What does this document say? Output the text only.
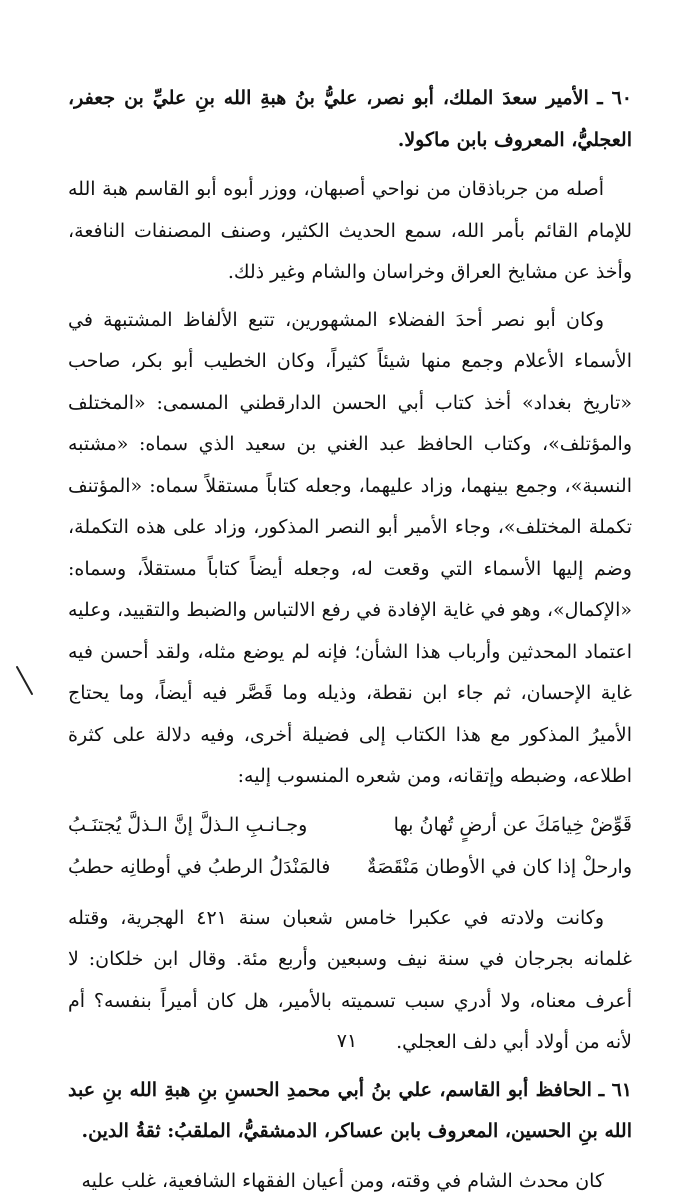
٦٠ ـ الأمير سعدَ الملك، أبو نصر، عليُّ بنُ هبةِ الله بنِ عليِّ بن جعفر، العجليُّ، المعروف بابن ماكولا.

أصله من جرباذقان من نواحي أصبهان، ووزر أبوه أبو القاسم هبة الله للإمام القائم بأمر الله، سمع الحديث الكثير، وصنف المصنفات النافعة، وأخذ عن مشايخ العراق وخراسان والشام وغير ذلك.

وكان أبو نصر أحدَ الفضلاء المشهورين، تتبع الألفاظ المشتبهة في الأسماء الأعلام وجمع منها شيئاً كثيراً، وكان الخطيب أبو بكر، صاحب «تاريخ بغداد» أخذ كتاب أبي الحسن الدارقطني المسمى: «المختلف والمؤتلف»، وكتاب الحافظ عبد الغني بن سعيد الذي سماه: «مشتبه النسبة»، وجمع بينهما، وزاد عليهما، وجعله كتاباً مستقلاً سماه: «المؤتنف تكملة المختلف»، وجاء الأمير أبو النصر المذكور، وزاد على هذه التكملة، وضم إليها الأسماء التي وقعت له، وجعله أيضاً كتاباً مستقلاً، وسماه: «الإكمال»، وهو في غاية الإفادة في رفع الالتباس والضبط والتقييد، وعليه اعتماد المحدثين وأرباب هذا الشأن؛ فإنه لم يوضع مثله، ولقد أحسن فيه غاية الإحسان، ثم جاء ابن نقطة، وذيله وما قَصَّر فيه أيضاً، وما يحتاج الأميرُ المذكور مع هذا الكتاب إلى فضيلة أخرى، وفيه دلالة على كثرة اطلاعه، وضبطه وإتقانه، ومن شعره المنسوب إليه:

قَوِّضْ خِيامَكَ عن أرضٍ تُهانُ بها
وجـانـبِ الـذلَّ إنَّ الـذلَّ يُجتنَـبُ
وارحلْ إذا كان في الأوطان مَنْقَصَةٌ
فالمَنْدَلُ الرطبُ في أوطانِه حطبُ

وكانت ولادته في عكبرا خامس شعبان سنة ٤٢١ الهجرية، وقتله غلمانه بجرجان في سنة نيف وسبعين وأربع مئة. وقال ابن خلكان: لا أعرف معناه، ولا أدري سبب تسميته بالأمير، هل كان أميراً بنفسه؟ أم لأنه من أولاد أبي دلف العجلي.

٦١ ـ الحافظ أبو القاسم، علي بنُ أبي محمدِ الحسنِ بنِ هبةِ الله بنِ عبد الله بنِ الحسين، المعروف بابن عساكر، الدمشقيُّ، الملقبُ: ثقةُ الدين.

كان محدث الشام في وقته، ومن أعيان الفقهاء الشافعية، غلب عليه

٧١
